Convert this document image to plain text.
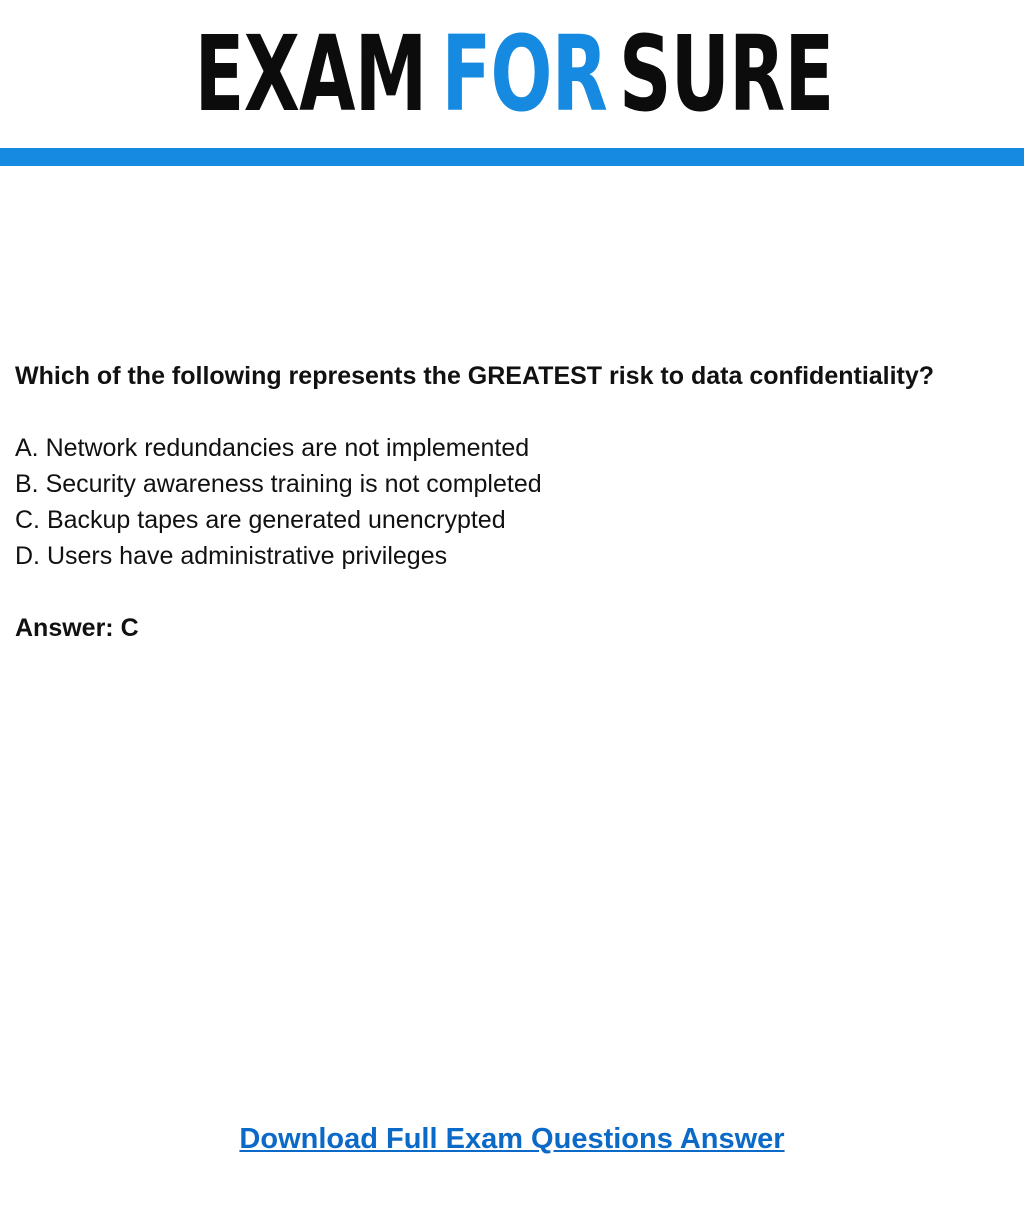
EXAM FOR SURE

Which of the following represents the GREATEST risk to data confidentiality?

A. Network redundancies are not implemented
B. Security awareness training is not completed
C. Backup tapes are generated unencrypted
D. Users have administrative privileges

Answer: C

Download Full Exam Questions Answer
